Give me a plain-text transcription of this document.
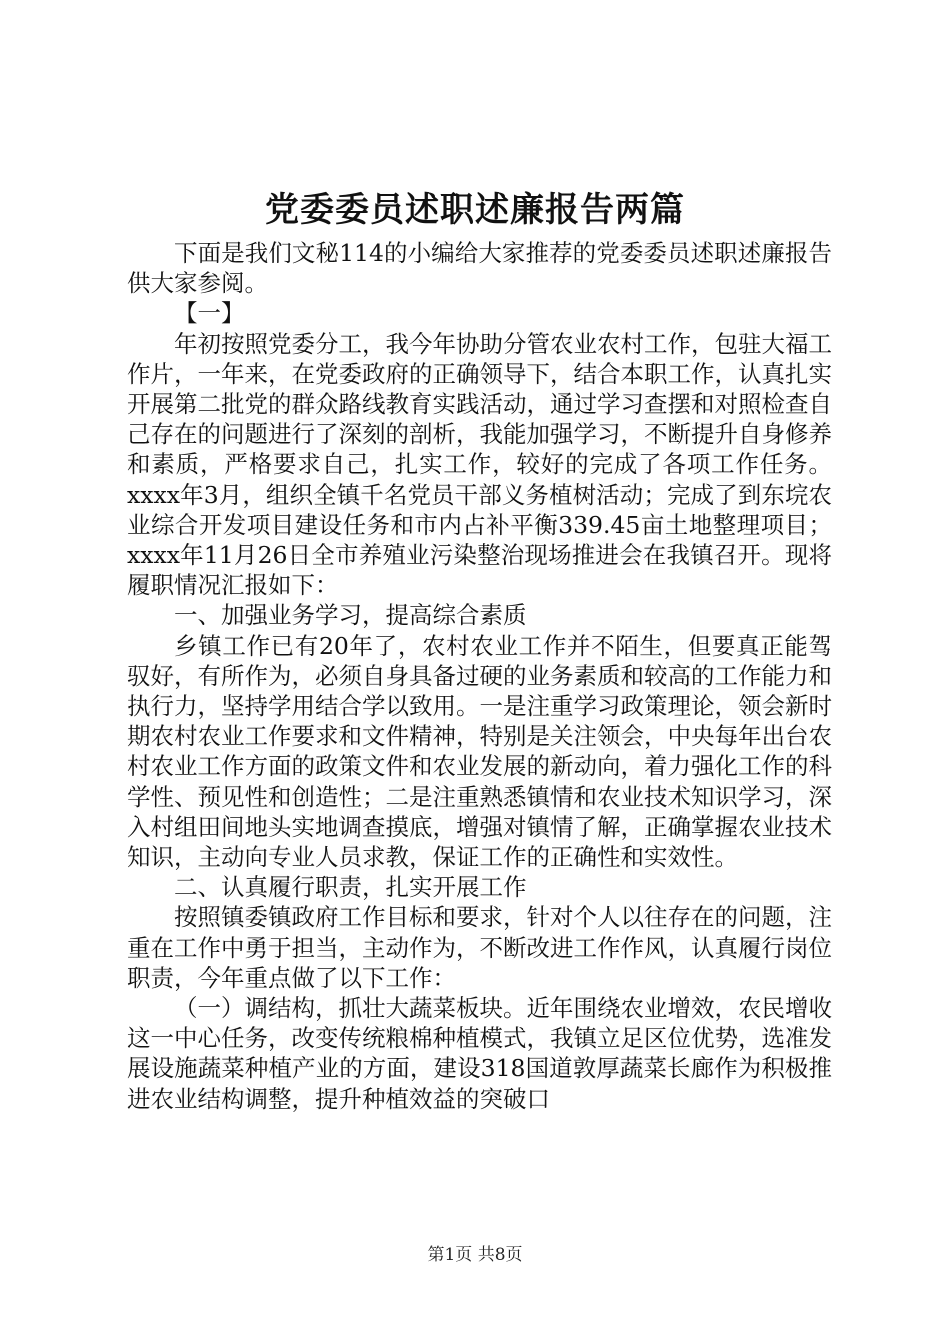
党委委员述职述廉报告两篇

下面是我们文秘114的小编给大家推荐的党委委员述职述廉报告供大家参阅。

【一】

年初按照党委分工，我今年协助分管农业农村工作，包驻大福工作片，一年来，在党委政府的正确领导下，结合本职工作，认真扎实开展第二批党的群众路线教育实践活动，通过学习查摆和对照检查自己存在的问题进行了深刻的剖析，我能加强学习，不断提升自身修养和素质，严格要求自己，扎实工作，较好的完成了各项工作任务。xxxx年3月，组织全镇千名党员干部义务植树活动；完成了到东垸农业综合开发项目建设任务和市内占补平衡339.45亩土地整理项目；xxxx年11月26日全市养殖业污染整治现场推进会在我镇召开。现将履职情况汇报如下：

一、加强业务学习，提高综合素质

乡镇工作已有20年了，农村农业工作并不陌生，但要真正能驾驭好，有所作为，必须自身具备过硬的业务素质和较高的工作能力和执行力，坚持学用结合学以致用。一是注重学习政策理论，领会新时期农村农业工作要求和文件精神，特别是关注领会，中央每年出台农村农业工作方面的政策文件和农业发展的新动向，着力强化工作的科学性、预见性和创造性；二是注重熟悉镇情和农业技术知识学习，深入村组田间地头实地调查摸底，增强对镇情了解，正确掌握农业技术知识，主动向专业人员求教，保证工作的正确性和实效性。

二、认真履行职责，扎实开展工作

按照镇委镇政府工作目标和要求，针对个人以往存在的问题，注重在工作中勇于担当，主动作为，不断改进工作作风，认真履行岗位职责，今年重点做了以下工作：

（一）调结构，抓壮大蔬菜板块。近年围绕农业增效，农民增收这一中心任务，改变传统粮棉种植模式，我镇立足区位优势，选准发展设施蔬菜种植产业的方面，建设318国道敦厚蔬菜长廊作为积极推进农业结构调整，提升种植效益的突破口

第1页 共8页
